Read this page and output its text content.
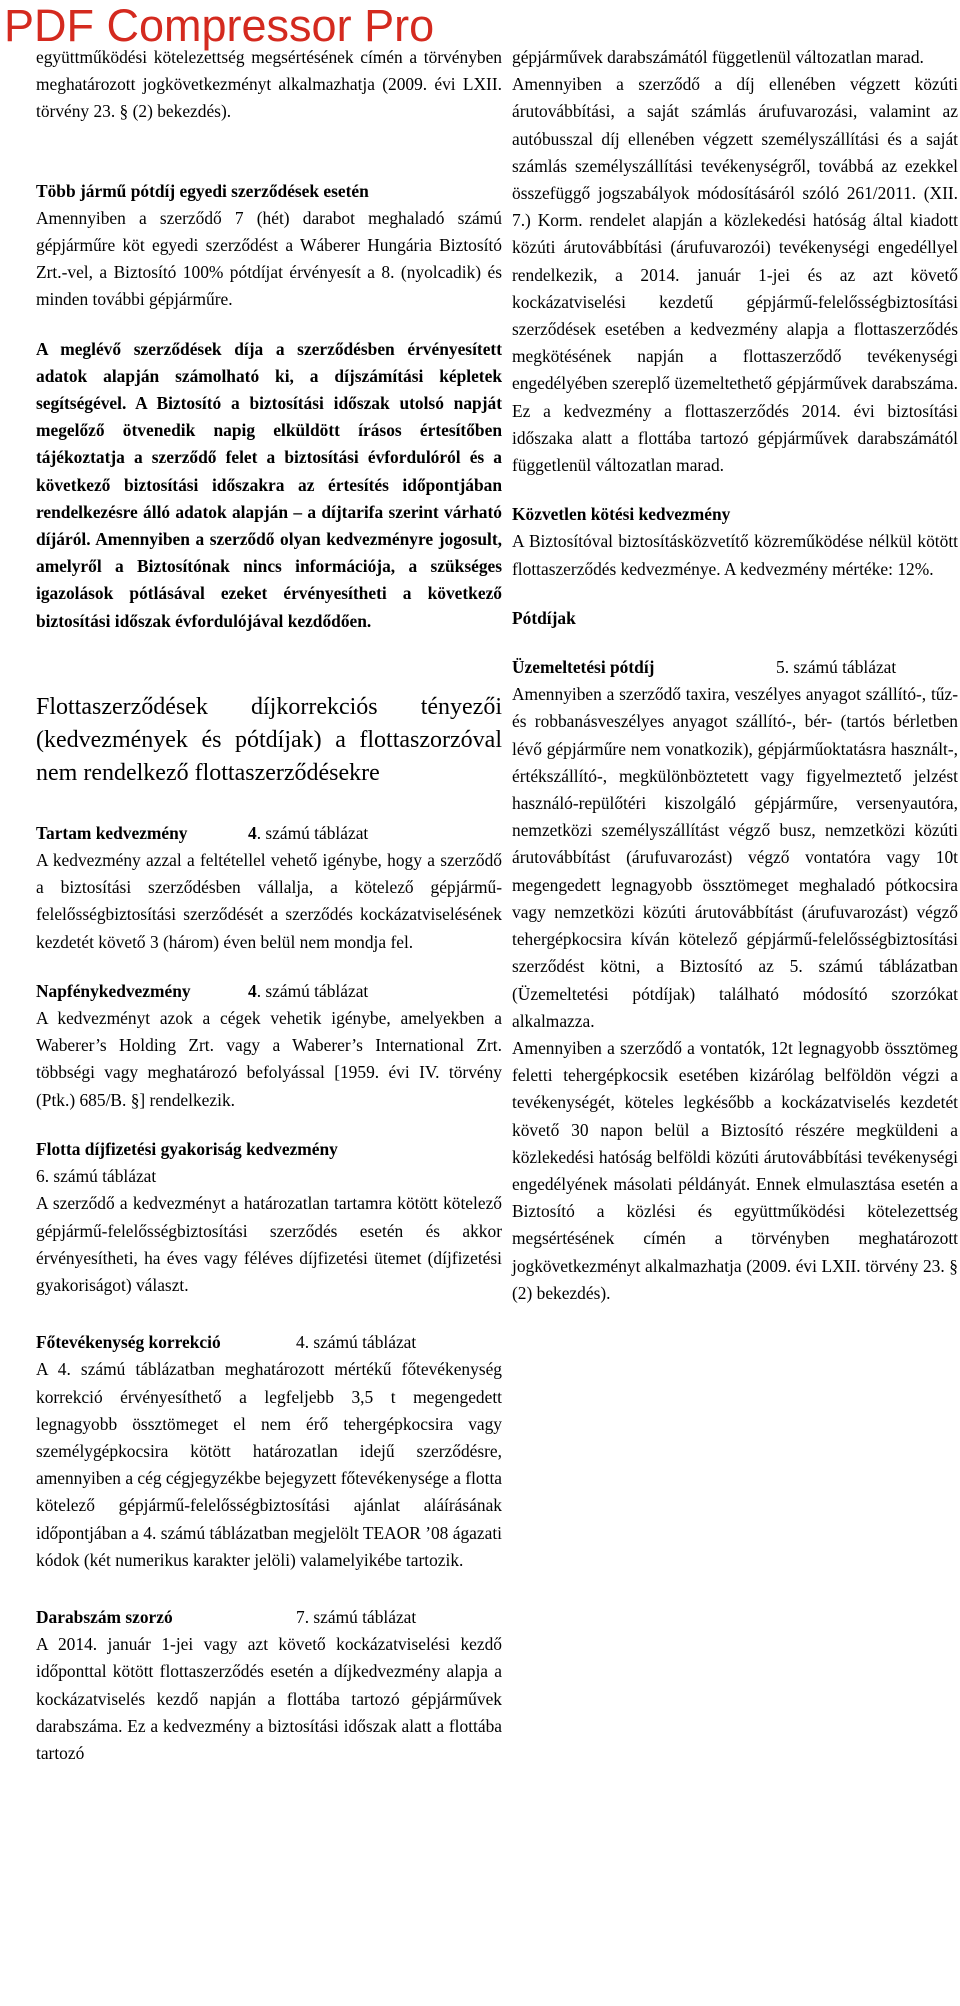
PDF Compressor Pro

együttműködési kötelezettség megsértésének címén a törvényben meghatározott jogkövetkezményt alkalmazhatja (2009. évi LXII. törvény 23. § (2) bekezdés).

Több jármű pótdíj egyedi szerződések esetén

Amennyiben a szerződő 7 (hét) darabot meghaladó számú gépjárműre köt egyedi szerződést a Wáberer Hungária Biztosító Zrt.-vel, a Biztosító 100% pótdíjat érvényesít a 8. (nyolcadik) és minden további gépjárműre.

A meglévő szerződések díja a szerződésben érvényesített adatok alapján számolható ki, a díjszámítási képletek segítségével. A Biztosító a biztosítási időszak utolsó napját megelőző ötvenedik napig elküldött írásos értesítőben tájékoztatja a szerződő felet a biztosítási évfordulóról és a következő biztosítási időszakra az értesítés időpontjában rendelkezésre álló adatok alapján – a díjtarifa szerint várható díjáról. Amennyiben a szerződő olyan kedvezményre jogosult, amelyről a Biztosítónak nincs információja, a szükséges igazolások pótlásával ezeket érvényesítheti a következő biztosítási időszak évfordulójával kezdődően.

Flottaszerződések díjkorrekciós tényezői (kedvezmények és pótdíjak) a flottaszorzóval nem rendelkező flottaszerződésekre

Tartam kedvezmény	4. számú táblázat

A kedvezmény azzal a feltétellel vehető igénybe, hogy a szerződő a biztosítási szerződésben vállalja, a kötelező gépjármű-felelősségbiztosítási szerződését a szerződés kockázatviselésének kezdetét követő 3 (három) éven belül nem mondja fel.

Napfénykedvezmény	4. számú táblázat

A kedvezményt azok a cégek vehetik igénybe, amelyekben a Waberer’s Holding Zrt. vagy a Waberer’s International Zrt. többségi vagy meghatározó befolyással [1959. évi IV. törvény (Ptk.) 685/B. §] rendelkezik.

Flotta díjfizetési gyakoriság kedvezmény

6. számú táblázat

A szerződő a kedvezményt a határozatlan tartamra kötött kötelező gépjármű-felelősségbiztosítási szerződés esetén és akkor érvényesítheti, ha éves vagy féléves díjfizetési ütemet (díjfizetési gyakoriságot) választ.

Főtevékenység korrekció	4. számú táblázat

A 4. számú táblázatban meghatározott mértékű főtevékenység korrekció érvényesíthető a legfeljebb 3,5 t megengedett legnagyobb össztömeget el nem érő tehergépkocsira vagy személygépkocsira kötött határozatlan idejű szerződésre, amennyiben a cég cégjegyzékbe bejegyzett főtevékenysége a flotta kötelező gépjármű-felelősségbiztosítási ajánlat aláírásának időpontjában a 4. számú táblázatban megjelölt TEAOR ’08 ágazati kódok (két numerikus karakter jelöli) valamelyikébe tartozik.

Darabszám szorzó	7. számú táblázat

A 2014. január 1-jei vagy azt követő kockázatviselési kezdő időponttal kötött flottaszerződés esetén a díjkedvezmény alapja a kockázatviselés kezdő napján a flottába tartozó gépjárművek darabszáma. Ez a kedvezmény a biztosítási időszak alatt a flottába tartozó

gépjárművek darabszámától függetlenül változatlan marad.

Amennyiben a szerződő a díj ellenében végzett közúti árutovábbítási, a saját számlás árufuvarozási, valamint az autóbusszal díj ellenében végzett személyszállítási és a saját számlás személyszállítási tevékenységről, továbbá az ezekkel összefüggő jogszabályok módosításáról szóló 261/2011. (XII. 7.) Korm. rendelet alapján a közlekedési hatóság által kiadott közúti árutovábbítási (árufuvarozói) tevékenységi engedéllyel rendelkezik, a 2014. január 1-jei és az azt követő kockázatviselési kezdetű gépjármű-felelősségbiztosítási szerződések esetében a kedvezmény alapja a flottaszerződés megkötésének napján a flottaszerződő tevékenységi engedélyében szereplő üzemeltethető gépjárművek darabszáma. Ez a kedvezmény a flottaszerződés 2014. évi biztosítási időszaka alatt a flottába tartozó gépjárművek darabszámától függetlenül változatlan marad.

Közvetlen kötési kedvezmény

A Biztosítóval biztosításközvetítő közreműködése nélkül kötött flottaszerződés kedvezménye. A kedvezmény mértéke: 12%.

Pótdíjak

Üzemeltetési pótdíj	5. számú táblázat

Amennyiben a szerződő taxira, veszélyes anyagot szállító-, tűz- és robbanásveszélyes anyagot szállító-, bér- (tartós bérletben lévő gépjárműre nem vonatkozik), gépjárműoktatásra használt-, értékszállító-, megkülönböztetett vagy figyelmeztető jelzést használó-repülőtéri kiszolgáló gépjárműre, versenyautóra, nemzetközi személyszállítást végző busz, nemzetközi közúti árutovábbítást (árufuvarozást) végző vontatóra vagy 10t megengedett legnagyobb össztömeget meghaladó pótkocsira vagy nemzetközi közúti árutovábbítást (árufuvarozást) végző tehergépkocsira kíván kötelező gépjármű-felelősségbiztosítási szerződést kötni, a Biztosító az 5. számú táblázatban (Üzemeltetési pótdíjak) található módosító szorzókat alkalmazza.

Amennyiben a szerződő a vontatók, 12t legnagyobb össztömeg feletti tehergépkocsik esetében kizárólag belföldön végzi a tevékenységét, köteles legkésőbb a kockázatviselés kezdetét követő 30 napon belül a Biztosító részére megküldeni a közlekedési hatóság belföldi közúti árutovábbítási tevékenységi engedélyének másolati példányát. Ennek elmulasztása esetén a Biztosító a közlési és együttműködési kötelezettség megsértésének címén a törvényben meghatározott jogkövetkezményt alkalmazhatja (2009. évi LXII. törvény 23. § (2) bekezdés).
